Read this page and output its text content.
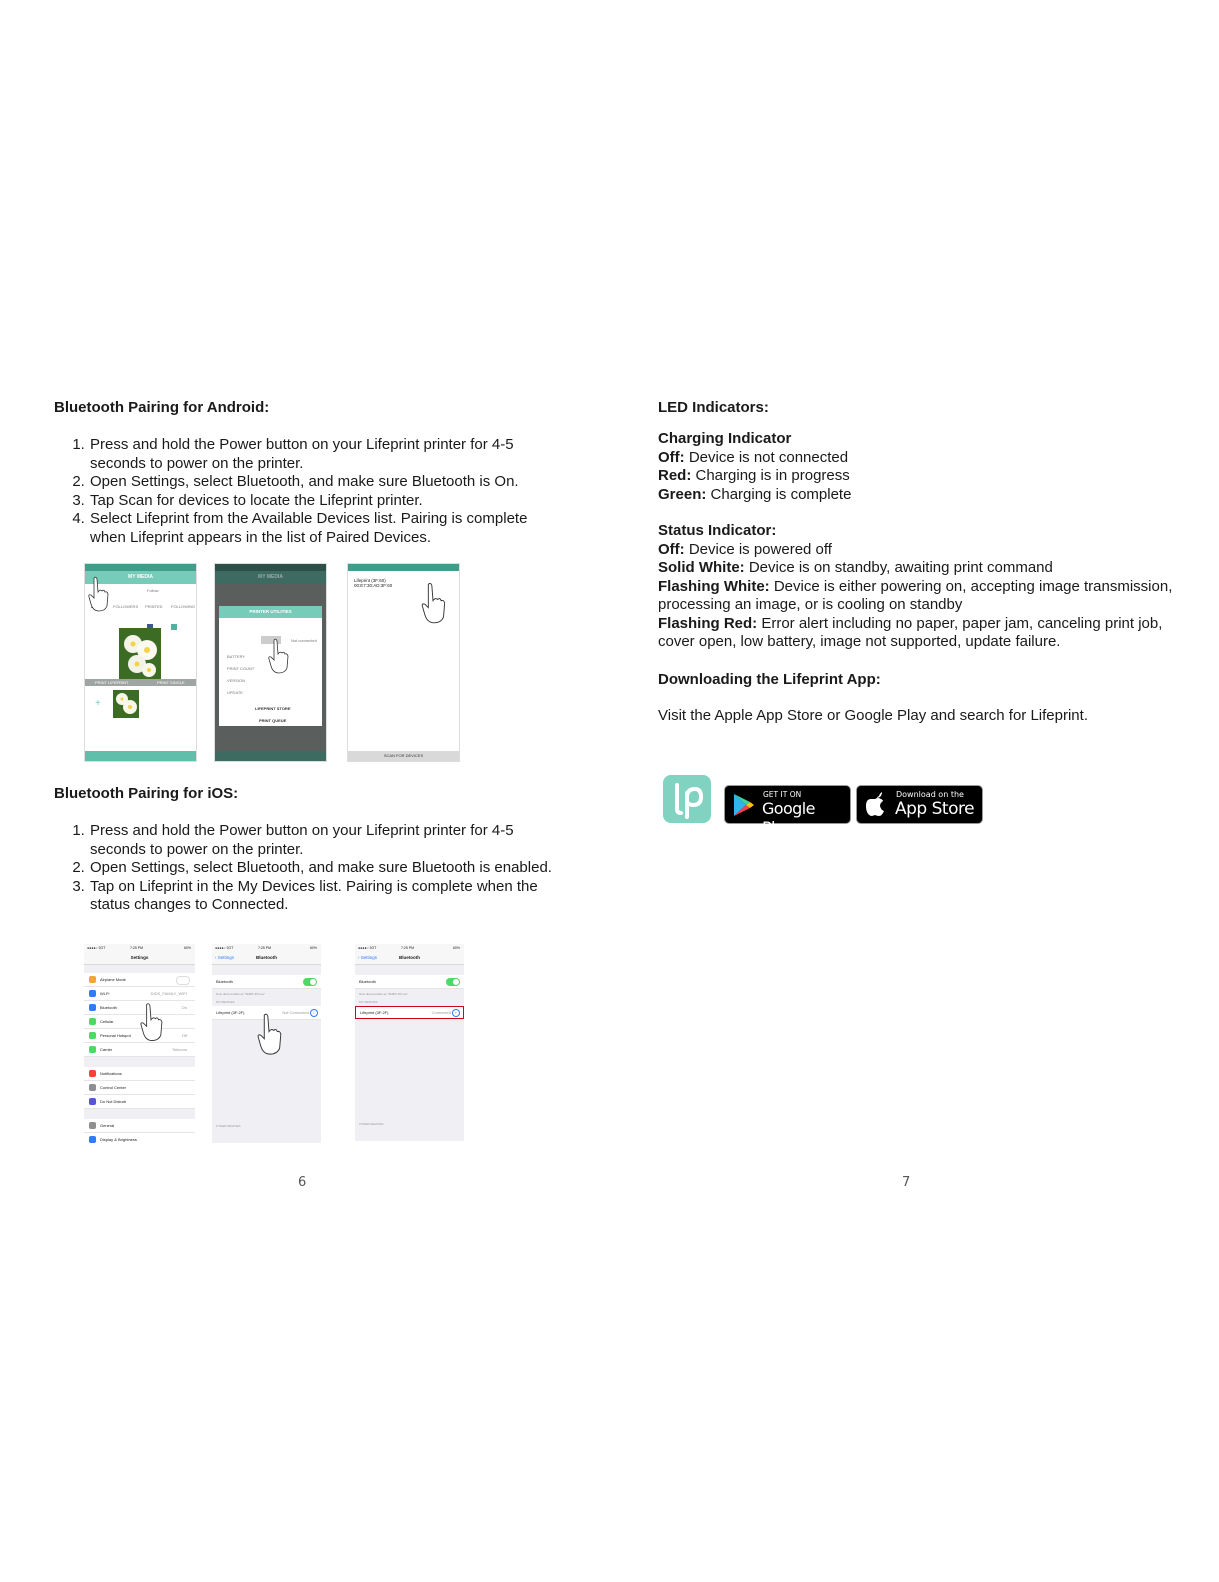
Bluetooth Pairing for Android:
1. Press and hold the Power button on your Lifeprint printer for 4-5 seconds to power on the printer.
2. Open Settings, select Bluetooth, and make sure Bluetooth is On.
3. Tap Scan for devices to locate the Lifeprint printer.
4. Select Lifeprint from the Available Devices list. Pairing is complete when Lifeprint appears in the list of Paired Devices.
MY MEDIA
Follow
FOLLOWERS PRINTED FOLLOWING

PRINT LIFEPRINT	PRINT SINGLE
+
MY MEDIA
PRINTER UTILITIES
Not connected
BATTERY
PRINT COUNT
VERSION
UPDATE
LIFEPRINT STORE
PRINT QUEUE
Lifeprint (3F:60)
00:E7:30:AD:3F:60
SCAN FOR DEVICES
Bluetooth Pairing for iOS:
1. Press and hold the Power button on your Lifeprint printer for 4-5 seconds to power on the printer.
2. Open Settings, select Bluetooth, and make sure Bluetooth is enabled.
3. Tap on Lifeprint in the My Devices list. Pairing is complete when the status changes to Connected.
●●●●○ 3GT	7:25 PM	60%
Settings
Airplane Mode
Wi-Fi	DIDS_FAMILY_WIFI
Bluetooth	On
Cellular
Personal Hotspot	Off
Carrier	Telecom
Notifications
Control Center
Do Not Disturb
General
Display & Brightness
●●●●○ 3GT	7:25 PM	60%
‹ Settings	Bluetooth
Bluetooth
Now discoverable as "BoBPi iPhone"
MY DEVICES
Lifeprint (3F:2F)	Not Connected	i
OTHER DEVICES
●●●●○ 3GT	7:25 PM	60%
‹ Settings	Bluetooth
Bluetooth
Now discoverable as "BoBPi iPhone"
MY DEVICES
Lifeprint (3F:2F)	Connected	i
OTHER DEVICES
6
LED Indicators:
Charging Indicator

Off: Device is not connected

Red: Charging is in progress

Green: Charging is complete

Status Indicator:

Off: Device is powered off

Solid White: Device is on standby, awaiting print command

Flashing White: Device is either powering on, accepting image transmission, processing an image, or is cooling on standby

Flashing Red: Error alert including no paper, paper jam, canceling print job, cover open, low battery, image not supported, update failure.

Downloading the Lifeprint App:

Visit the Apple App Store or Google Play and search for Lifeprint.

GET IT ON
Google Play
Download on the
App Store
7
